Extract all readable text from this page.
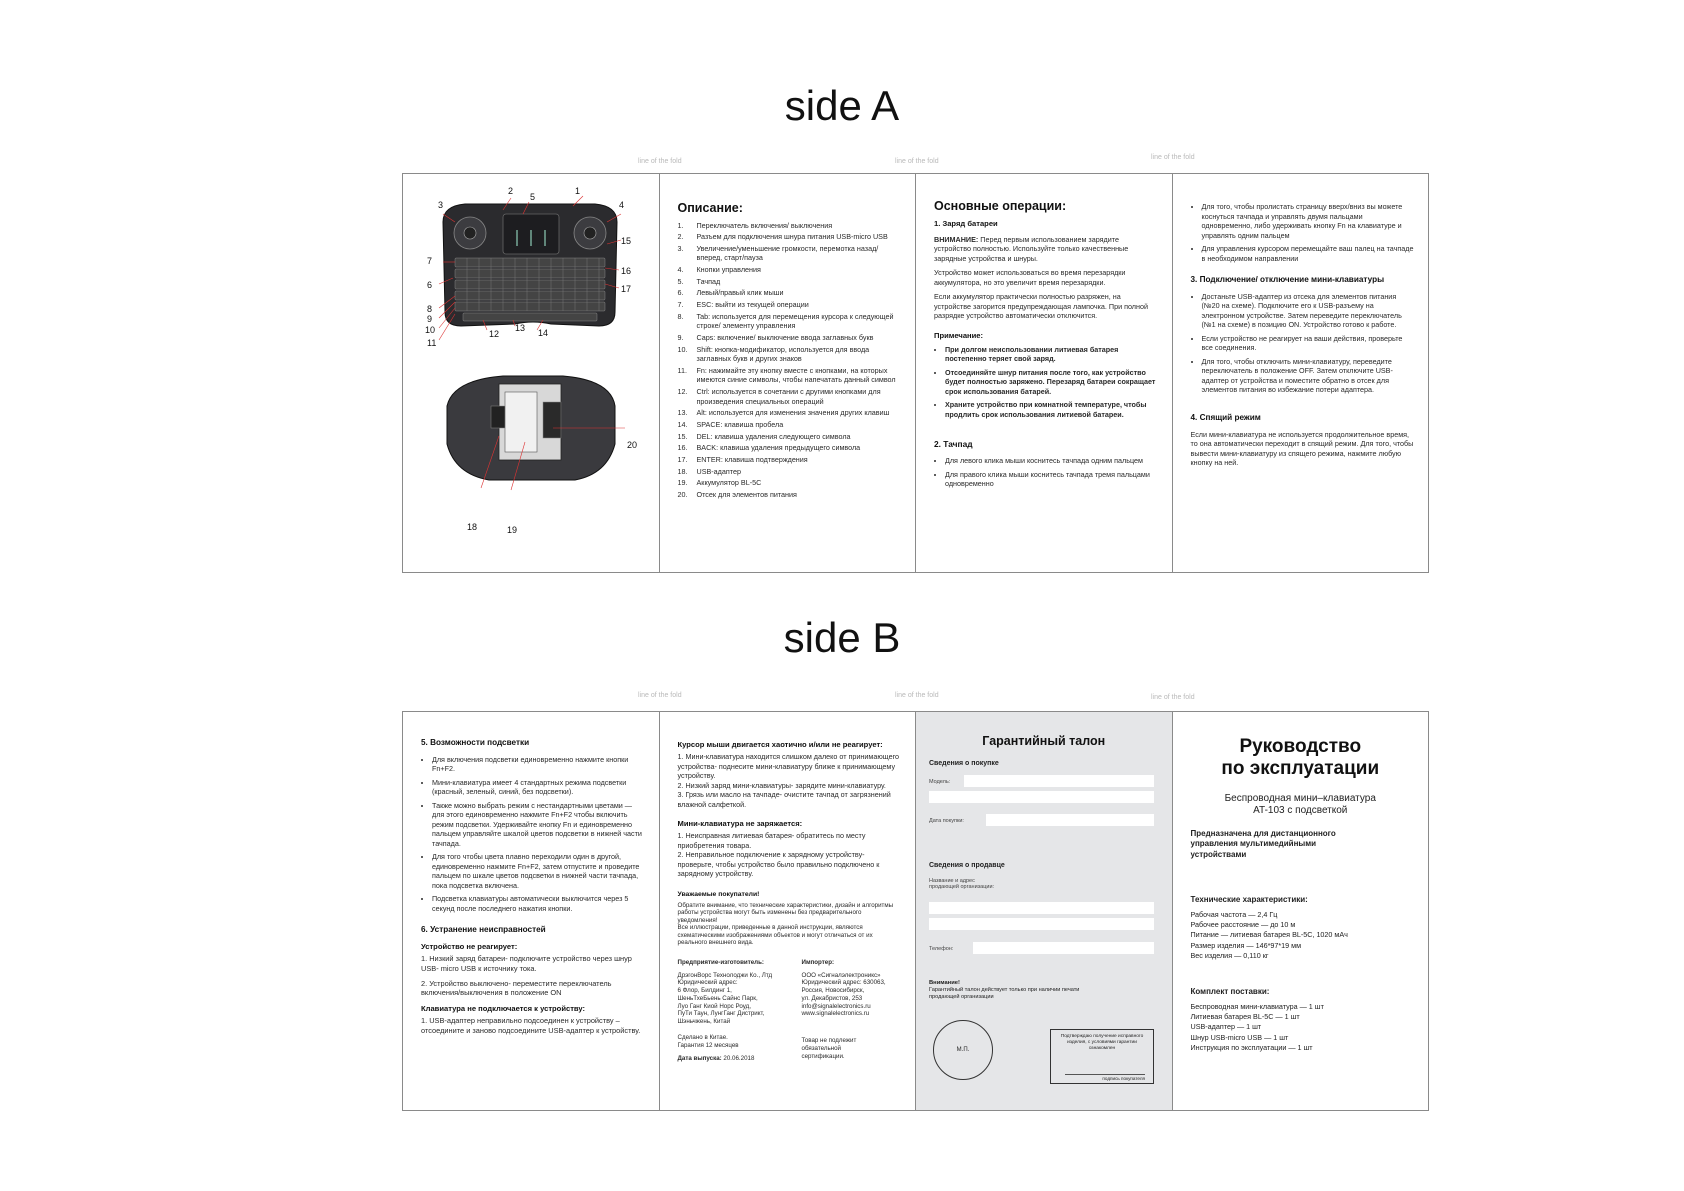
side A
line of the fold	line of the fold
line of the fold
1
2
3	4
5
6
7
8
9
10
11
12
13 14
15
16
17
18	19
20
Описание:
1.	Переключатель включения/ выключения
2.	Разъем для подключения шнура питания USB-micro USB
3.	Увеличение/уменьшение громкости, перемотка назад/вперед, старт/пауза
4.	Кнопки управления
5.	Тачпад
6.	Левый/правый клик мыши
7.	ESC: выйти из текущей операции
8.	Tab: используется для перемещения курсора к следующей строке/ элементу управления
9.	Caps: включение/ выключение ввода заглавных букв
10.	Shift: кнопка-модификатор, используется для ввода заглавных букв и других знаков
11.	Fn: нажимайте эту кнопку вместе с кнопками, на которых имеются синие символы, чтобы напечатать данный символ
12.	Ctrl: используется в сочетании с другими кнопками для произведения специальных операций
13.	Alt: используется для изменения значения других клавиш
14.	SPACE: клавиша пробела
15.	DEL: клавиша удаления следующего символа
16.	BACK: клавиша удаления предыдущего символа
17.	ENTER: клавиша подтверждения
18.	USB-адаптер
19.	Аккумулятор BL-5C
20.	Отсек для элементов питания
Основные операции:
1. Заряд батареи
ВНИМАНИЕ: Перед первым использованием зарядите устройство полностью. Используйте только качественные зарядные устройства и шнуры.
Устройство может использоваться во время перезарядки аккумулятора, но это увеличит время перезарядки.
Если аккумулятор практически полностью разряжен, на устройстве загорится предупреждающая лампочка. При полной разрядке устройство автоматически отключится.
Примечание:
• При долгом неиспользовании литиевая батарея постепенно теряет свой заряд.
• Отсоединяйте шнур питания после того, как устройство будет полностью заряжено. Перезаряд батареи сокращает срок использования батарей.
• Храните устройство при комнатной температуре, чтобы продлить срок использования литиевой батареи.
2. Тачпад
• Для левого клика мыши коснитесь тачпада одним пальцем
• Для правого клика мыши коснитесь тачпада тремя пальцами одновременно
• Для того, чтобы пролистать страницу вверх/вниз вы можете коснуться тачпада и управлять двумя пальцами одновременно, либо удерживать кнопку Fn на клавиатуре и управлять одним пальцем
• Для управления курсором перемещайте ваш палец на тачпаде в необходимом направлении
3. Подключение/ отключение мини-клавиатуры
• Достаньте USB-адаптер из отсека для элементов питания (№20 на схеме). Подключите его к USB-разъему на электронном устройстве. Затем переведите переключатель (№1 на схеме) в позицию ON. Устройство готово к работе.
• Если устройство не реагирует на ваши действия, проверьте все соединения.
• Для того, чтобы отключить мини-клавиатуру, переведите переключатель в положение OFF. Затем отключите USB-адаптер от устройства и поместите обратно в отсек для элементов питания во избежание потери адаптера.
4. Спящий режим
Если мини-клавиатура не используется продолжительное время, то она автоматически переходит в спящий режим. Для того, чтобы вывести мини-клавиатуру из спящего режима, нажмите любую кнопку на ней.
side B
line of the fold	line of the fold	line of the fold
5. Возможности подсветки
• Для включения подсветки единовременно нажмите кнопки Fn+F2.
• Мини-клавиатура имеет 4 стандартных режима подсветки (красный, зеленый, синий, без подсветки).
• Также можно выбрать режим с нестандартными цветами — для этого единовременно нажмите Fn+F2 чтобы включить режим подсветки. Удерживайте кнопку Fn и единовременно пальцем управляйте шкалой цветов подсветки в нижней части тачпада.
• Для того чтобы цвета плавно переходили один в другой, единовременно нажмите Fn+F2, затем отпустите и проведите пальцем по шкале цветов подсветки в нижней части тачпада, пока подсветка включена.
• Подсветка клавиатуры автоматически выключится через 5 секунд после последнего нажатия кнопки.
6. Устранение неисправностей
Устройство не реагирует:
1. Низкий заряд батареи- подключите устройство через шнур USB- micro USB к источнику тока.
2. Устройство выключено- переместите переключатель включения/выключения в положение ON
Клавиатура не подключается к устройству:
1. USB-адаптер неправильно подсоединен к устройству – отсоедините и заново подсоедините USB-адаптер к устройству.
Курсор мыши двигается хаотично и/или не реагирует:
1. Мини-клавиатура находится слишком далеко от принимающего устройства- поднесите мини-клавиатуру ближе к принимающему устройству.
2. Низкий заряд мини-клавиатуры- зарядите мини-клавиатуру.
3. Грязь или масло на тачпаде- очистите тачпад от загрязнений влажной салфеткой.
Мини-клавиатура не заряжается:
1. Неисправная литиевая батарея- обратитесь по месту приобретения товара.
2. Неправильное подключение к зарядному устройству- проверьте, чтобы устройство было правильно подключено к зарядному устройству.
Уважаемые покупатели!
Обратите внимание, что технические характеристики, дизайн и алгоритмы работы устройства могут быть изменены без предварительного уведомления!
Все иллюстрации, приведенные в данной инструкции, являются схематическими изображениями объектов и могут отличаться от их реального внешнего вида.
Предприятие-изготовитель:
ДрэгонВорс Технолоджи Ко., Лтд
Юридический адрес:
6 Флор, Билдинг 1,
ШеньТхеБьень Сайнс Парк,
Луо Ганг Киой Норс Роуд,
ПуТи Таун, ЛунгГанг Дистрикт,
Шэньчжень, Китай
Сделано в Китае.
Гарантия 12 месяцев
Дата выпуска: 20.06.2018
Импортер:
ООО «Сигналэлектроникс»
Юридический адрес: 630063,
Россия, Новосибирск,
ул. Декабристов, 253
info@signalelectronics.ru
www.signalelectronics.ru
Товар не подлежит
обязательной
сертификации.
Гарантийный талон
Сведения о покупке
Модель:
Дата покупки:
Сведения о продавце
Название и адрес
продающей организации:
Телефон:
Внимание!
Гарантийный талон действует только при наличии печати продающей организации
М.П.
Подтверждаю получение исправного изделия, с условиями гарантии ознакомлен
подпись покупателя
Руководство
по эксплуатации
Беспроводная мини–клавиатура
AT-103 с подсветкой
Предназначена для дистанционного управления мультимедийными устройствами
Технические характеристики:
Рабочая частота — 2,4 Гц
Рабочее расстояние — до 10 м
Питание — литиевая батарея BL-5C, 1020 мАч
Размер изделия — 146*97*19 мм
Вес изделия — 0,110 кг
Комплект поставки:
Беспроводная мини-клавиатура — 1 шт
Литиевая батарея BL-5C — 1 шт
USB-адаптер — 1 шт
Шнур USB-micro USB — 1 шт
Инструкция по эксплуатации — 1 шт
